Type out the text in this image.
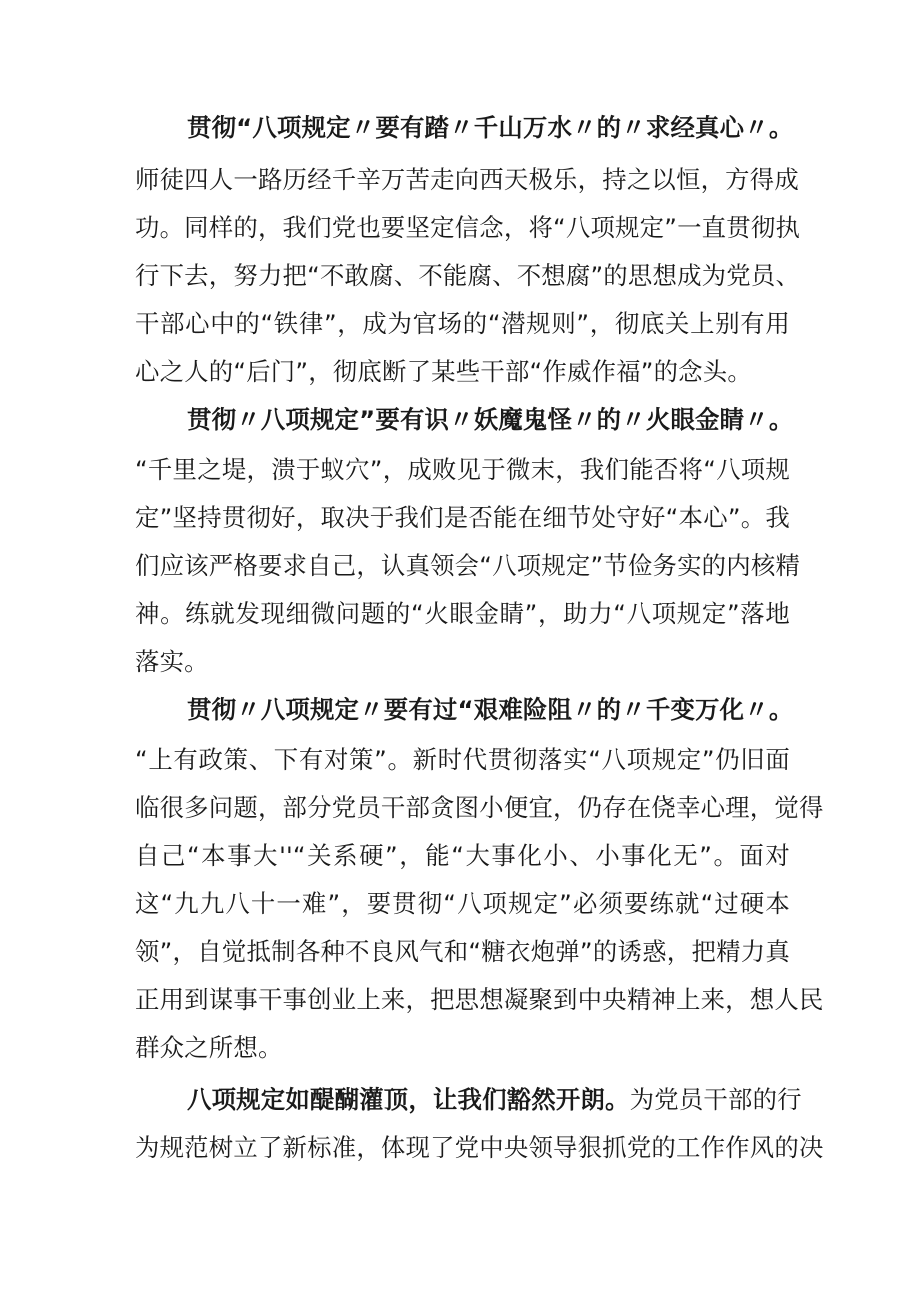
贯彻“八项规定〃要有踏〃千山万水〃的〃求经真心〃。
师徒四人一路历经千辛万苦走向西天极乐，持之以恒，方得成
功。同样的，我们党也要坚定信念，将“八项规定”一直贯彻执
行下去，努力把“不敢腐、不能腐、不想腐”的思想成为党员、
干部心中的“铁律”，成为官场的“潜规则”，彻底关上别有用
心之人的“后门”，彻底断了某些干部“作威作福”的念头。
贯彻〃八项规定”要有识〃妖魔鬼怪〃的〃火眼金睛〃。
“千里之堤，溃于蚁穴”，成败见于微末，我们能否将“八项规
定”坚持贯彻好，取决于我们是否能在细节处守好“本心”。我
们应该严格要求自己，认真领会“八项规定”节俭务实的内核精
神。练就发现细微问题的“火眼金睛”，助力“八项规定”落地
落实。
贯彻〃八项规定〃要有过“艰难险阻〃的〃千变万化〃。
“上有政策、下有对策”。新时代贯彻落实“八项规定”仍旧面
临很多问题，部分党员干部贪图小便宜，仍存在侥幸心理，觉得
自己“本事大''“关系硬”，能“大事化小、小事化无”。面对
这“九九八十一难”，要贯彻“八项规定”必须要练就“过硬本
领”，自觉抵制各种不良风气和“糖衣炮弹”的诱惑，把精力真
正用到谋事干事创业上来，把思想凝聚到中央精神上来，想人民
群众之所想。
八项规定如醍醐灌顶，让我们豁然开朗。为党员干部的行
为规范树立了新标准，体现了党中央领导狠抓党的工作作风的决
